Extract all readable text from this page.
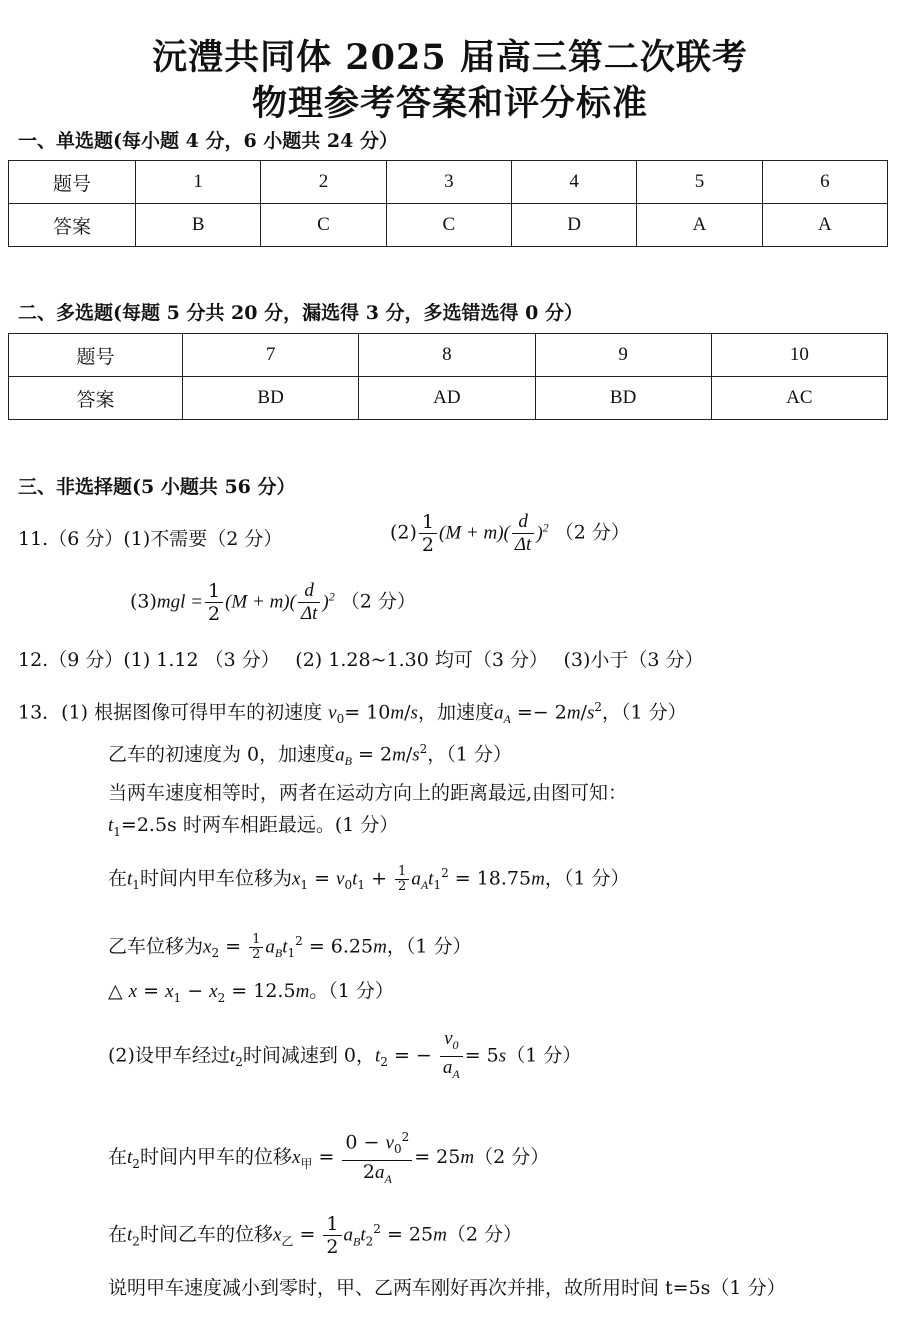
沅澧共同体 2025 届高三第二次联考
物理参考答案和评分标准
一、单选题(每小题 4 分，6 小题共 24 分）
题号	1	2	3	4	5	6
答案	B	C	C	D	A	A
二、多选题(每题 5 分共 20 分，漏选得 3 分，多选错选得 0 分）
题号	7	8	9	10
答案	BD	AD	BD	AC
三、非选择题(5 小题共 56 分）
11.（6 分）(1)不需要（2 分）	$(2) \frac{1}{2} (M + m)( \frac{d}{\Delta t} )^2$ （2 分）
$(3)mgl = \frac{1}{2} (M + m)( \frac{d}{\Delta t} )^2$ （2 分）
12.（9 分）(1) 1.12 （3 分）　 (2) 1.28~1.30 均可（3 分）　 (3)小于（3 分）
13．(1) 根据图像可得甲车的初速度 $v_0= 10m/s$，加速度$a_A =- 2m/s^2$，（1 分）
乙车的初速度为 0，加速度$a_B = 2m/s^2$，（1 分）
当两车速度相等时，两者在运动方向上的距离最远,由图可知：
$t_1=2.5s$ 时两车相距最远。(1 分）
在$t_1$时间内甲车位移为$x_1 = v_0t_1 + \frac{1}{2} a_At_1^2 = 18.75m$，（1 分）
乙车位移为$x_2 = \frac{1}{2} a_Bt_1^2 = 6.25m$，（1 分）
△ $x = x_1 - x_2 = 12.5m$。（1 分）
(2)设甲车经过$t_2$时间减速到 0，$t_2$ = − $\frac{v_0}{a_A} = 5s(1$ 分）
在$t_2$时间内甲车的位移$x_甲 = \frac{0 - v_0^2}{2a_A} = 25m(2$ 分）
在$t_2$时间乙车的位移$x_乙 = \frac{1}{2} a_Bt_2^2 = 25m(2$ 分）
说明甲车速度减小到零时，甲、乙两车刚好再次并排，故所用时间 t=5s（1 分）
